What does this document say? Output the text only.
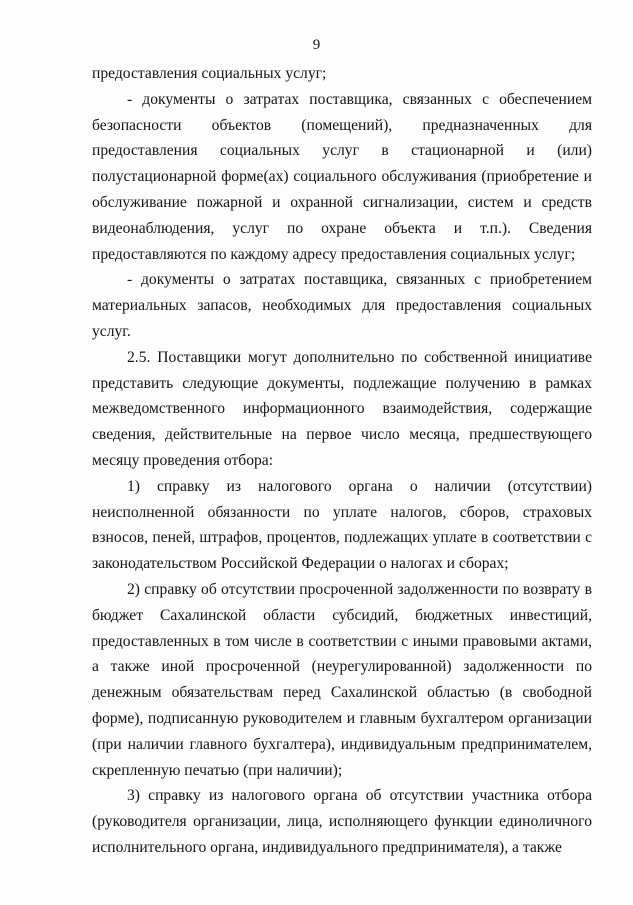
9

предоставления социальных услуг;

- документы о затратах поставщика, связанных с обеспечением безопасности объектов (помещений), предназначенных для предоставления социальных услуг в стационарной и (или) полустационарной форме(ах) социального обслуживания (приобретение и обслуживание пожарной и охранной сигнализации, систем и средств видеонаблюдения, услуг по охране объекта и т.п.). Сведения предоставляются по каждому адресу предоставления социальных услуг;

- документы о затратах поставщика, связанных с приобретением материальных запасов, необходимых для предоставления социальных услуг.

2.5. Поставщики могут дополнительно по собственной инициативе представить следующие документы, подлежащие получению в рамках межведомственного информационного взаимодействия, содержащие сведения, действительные на первое число месяца, предшествующего месяцу проведения отбора:

1) справку из налогового органа о наличии (отсутствии) неисполненной обязанности по уплате налогов, сборов, страховых взносов, пеней, штрафов, процентов, подлежащих уплате в соответствии с законодательством Российской Федерации о налогах и сборах;

2) справку об отсутствии просроченной задолженности по возврату в бюджет Сахалинской области субсидий, бюджетных инвестиций, предоставленных в том числе в соответствии с иными правовыми актами, а также иной просроченной (неурегулированной) задолженности по денежным обязательствам перед Сахалинской областью (в свободной форме), подписанную руководителем и главным бухгалтером организации (при наличии главного бухгалтера), индивидуальным предпринимателем, скрепленную печатью (при наличии);

3) справку из налогового органа об отсутствии участника отбора (руководителя организации, лица, исполняющего функции единоличного исполнительного органа, индивидуального предпринимателя), а также
